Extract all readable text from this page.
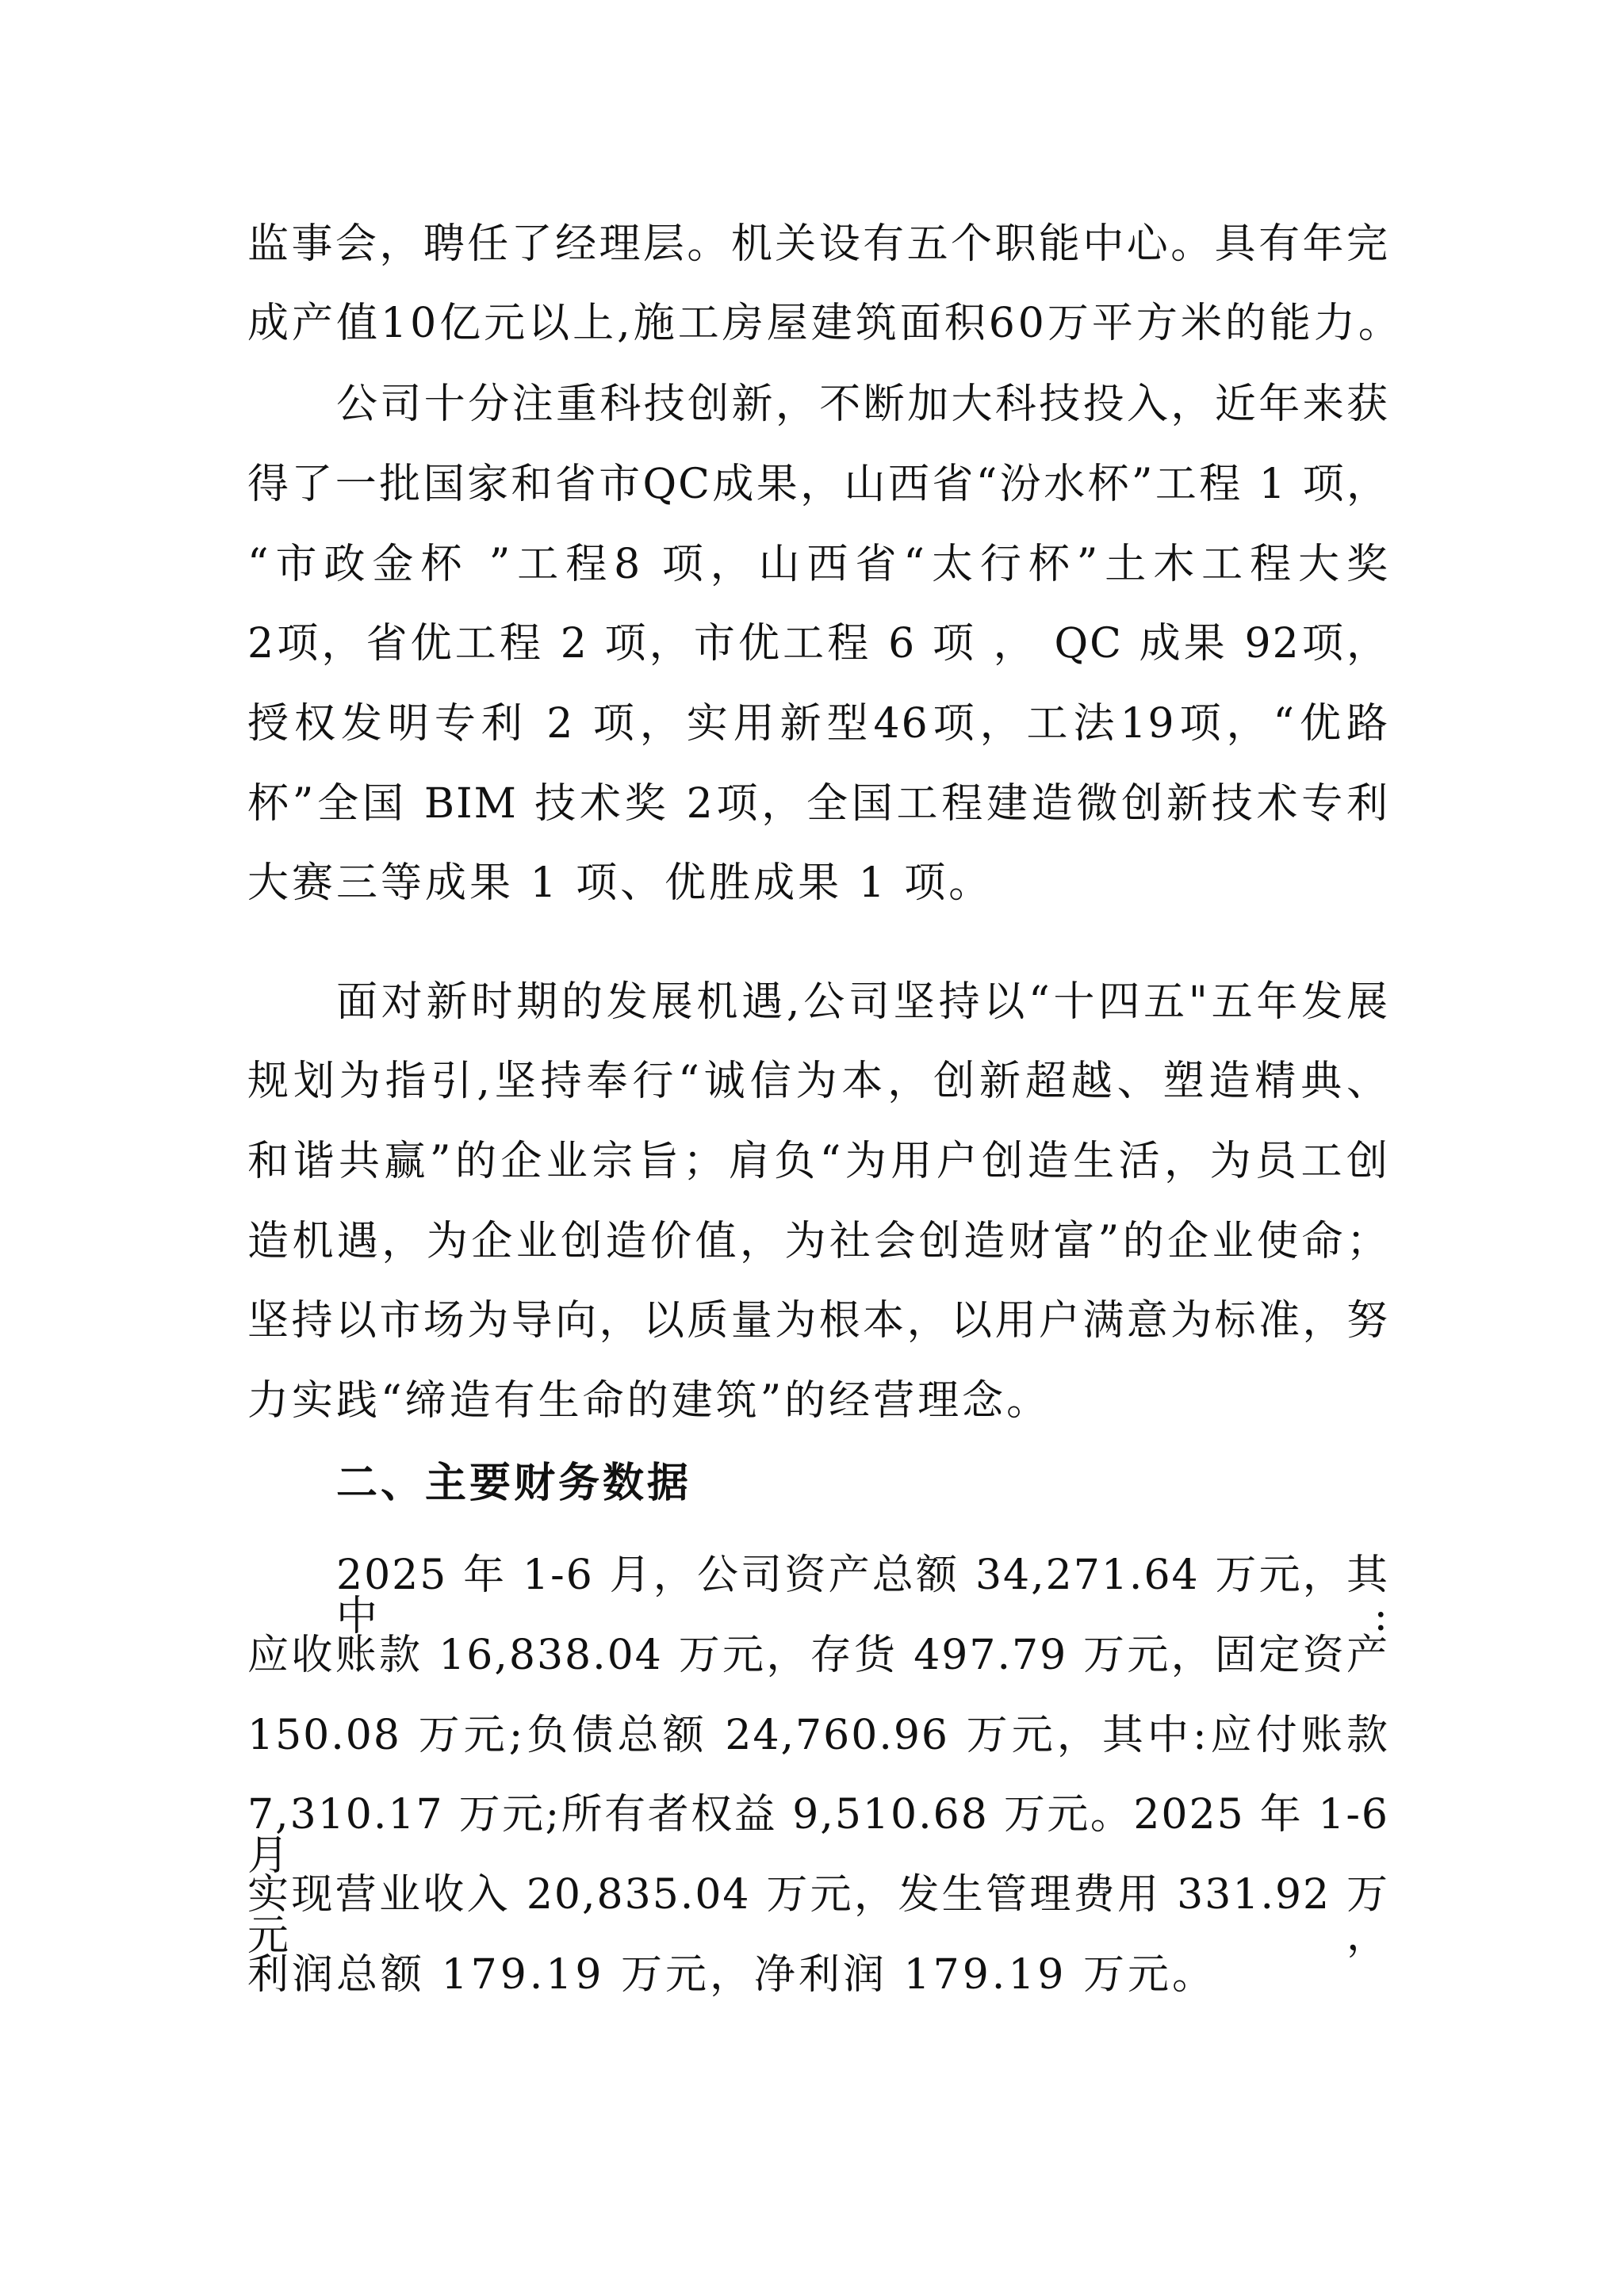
监事会，聘任了经理层。机关设有五个职能中心。具有年完
成产值10亿元以上,施工房屋建筑面积60万平方米的能力。
公司十分注重科技创新，不断加大科技投入，近年来获
得了一批国家和省市QC成果，山西省“汾水杯”工程 1 项，
“市政金杯 ”工程8 项，山西省“太行杯”土木工程大奖
2项，省优工程 2 项，市优工程 6 项 ， QC 成果 92项，
授权发明专利 2 项，实用新型46项，工法19项，“优路
杯”全国 BIM 技术奖 2项，全国工程建造微创新技术专利
大赛三等成果 1 项、优胜成果 1 项。
面对新时期的发展机遇,公司坚持以“十四五"五年发展
规划为指引,坚持奉行“诚信为本，创新超越、塑造精典、
和谐共赢”的企业宗旨；肩负“为用户创造生活，为员工创
造机遇，为企业创造价值，为社会创造财富”的企业使命；
坚持以市场为导向，以质量为根本，以用户满意为标准，努
力实践“缔造有生命的建筑”的经营理念。
二、主要财务数据
2025 年 1-6 月，公司资产总额 34,271.64 万元，其中:
应收账款 16,838.04 万元，存货 497.79 万元，固定资产
150.08 万元;负债总额 24,760.96 万元，其中:应付账款
7,310.17 万元;所有者权益 9,510.68 万元。2025 年 1-6 月
实现营业收入 20,835.04 万元，发生管理费用 331.92 万元，
利润总额 179.19 万元，净利润 179.19 万元。
